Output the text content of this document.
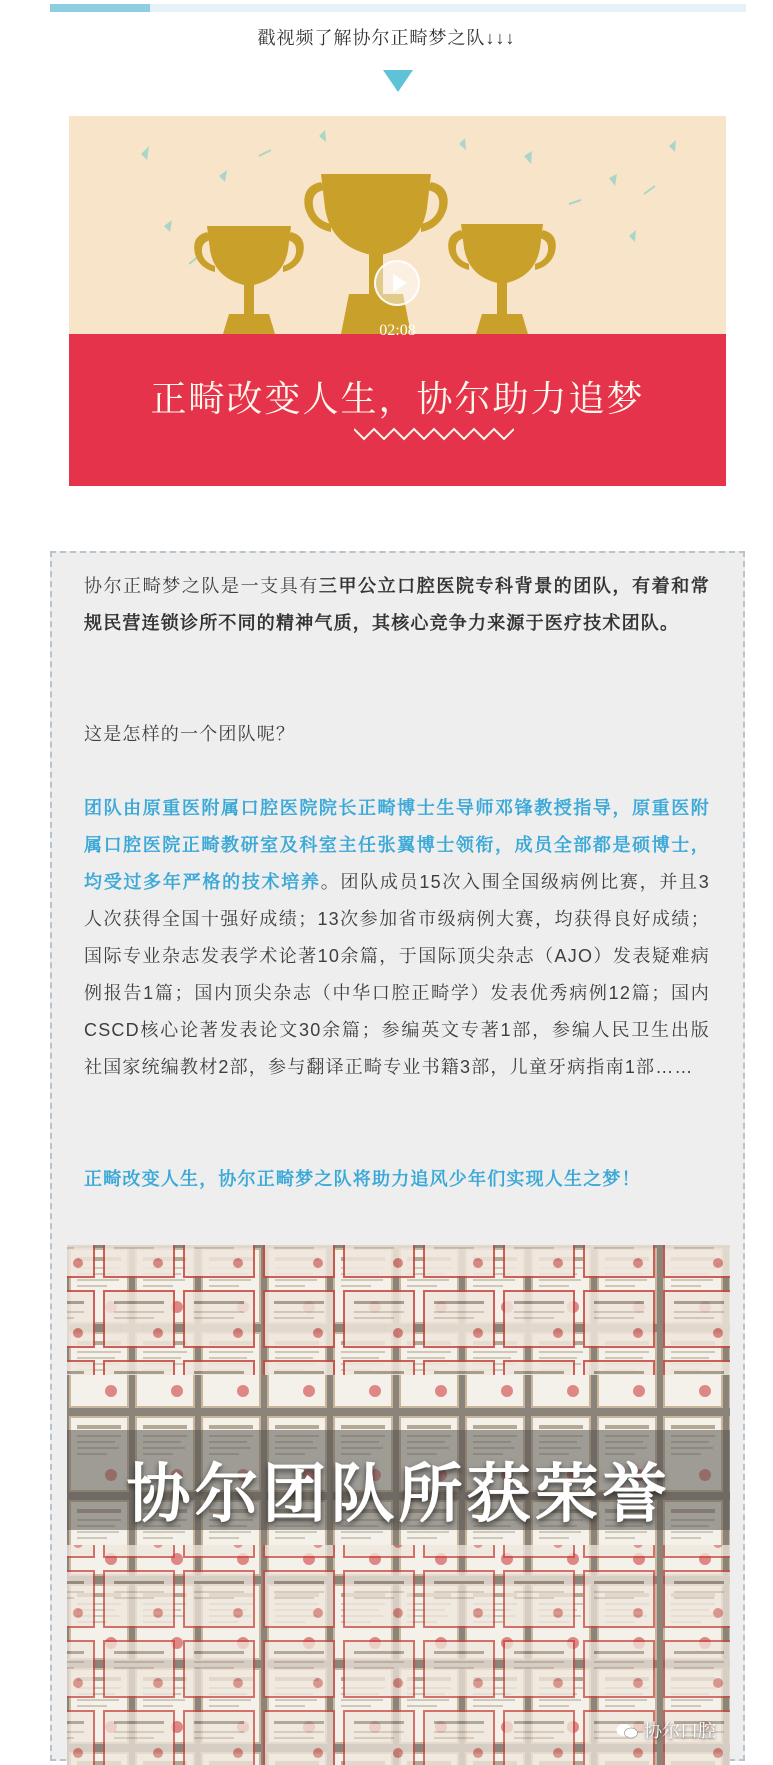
戳视频了解协尔正畸梦之队↓↓↓
正畸改变人生，协尔助力追梦
02:08

协尔正畸梦之队是一支具有三甲公立口腔医院专科背景的团队，有着和常规民营连锁诊所不同的精神气质，其核心竞争力来源于医疗技术团队。

这是怎样的一个团队呢？

团队由原重医附属口腔医院院长正畸博士生导师邓锋教授指导，原重医附属口腔医院正畸教研室及科室主任张翼博士领衔，成员全部都是硕博士，均受过多年严格的技术培养。团队成员15次入围全国级病例比赛，并且3人次获得全国十强好成绩；13次参加省市级病例大赛，均获得良好成绩；国际专业杂志发表学术论著10余篇，于国际顶尖杂志（AJO）发表疑难病例报告1篇；国内顶尖杂志（中华口腔正畸学）发表优秀病例12篇；国内CSCD核心论著发表论文30余篇；参编英文专著1部，参编人民卫生出版社国家统编教材2部，参与翻译正畸专业书籍3部，儿童牙病指南1部……

正畸改变人生，协尔正畸梦之队将助力追风少年们实现人生之梦！

协尔团队所获荣誉
协尔口腔
